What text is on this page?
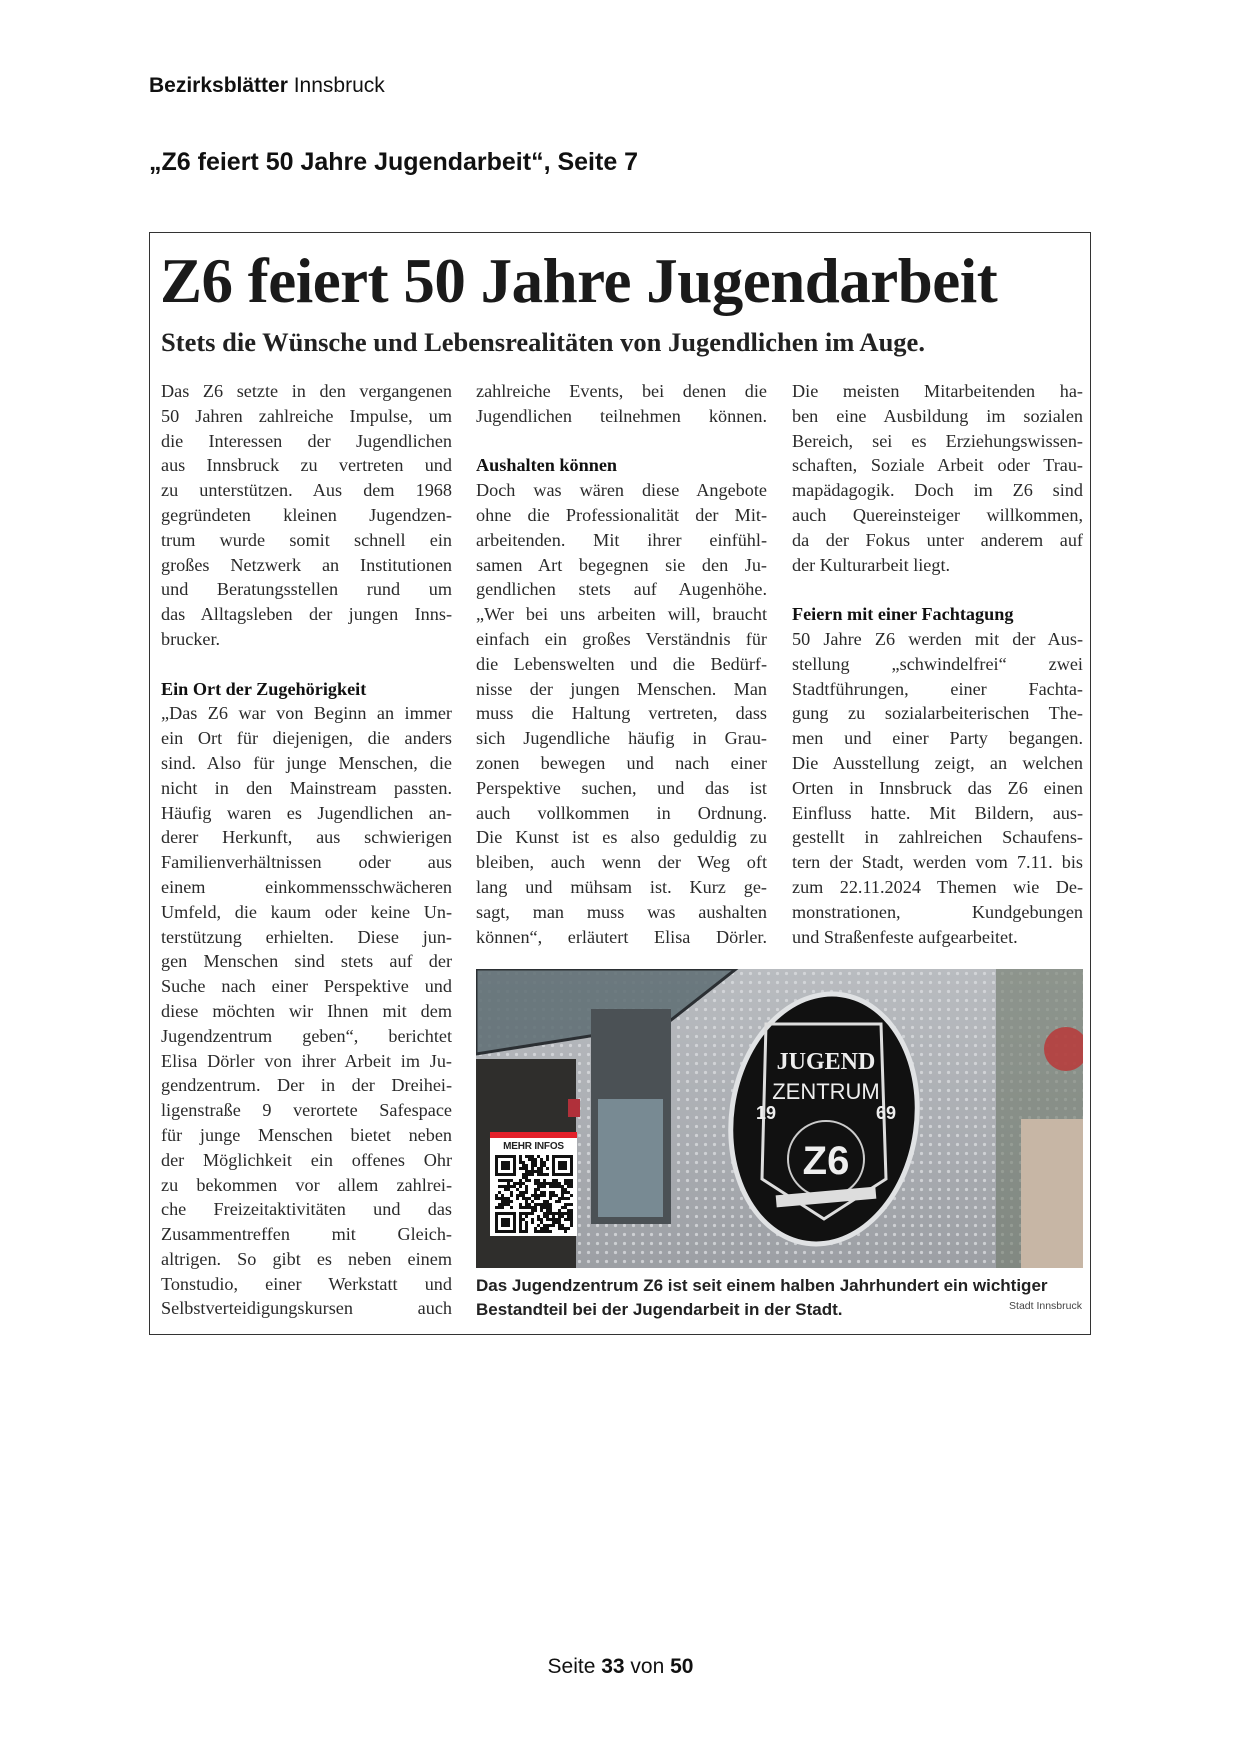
Bezirksblätter Innsbruck
„Z6 feiert 50 Jahre Jugendarbeit“, Seite 7
Z6 feiert 50 Jahre Jugendarbeit
Stets die Wünsche und Lebensrealitäten von Jugendlichen im Auge.
Das Z6 setzte in den vergangenen
50 Jahren zahlreiche Impulse, um
die Interessen der Jugendlichen
aus Innsbruck zu vertreten und
zu unterstützen. Aus dem 1968
gegründeten kleinen Jugendzen-
trum wurde somit schnell ein
großes Netzwerk an Institutionen
und Beratungsstellen rund um
das Alltagsleben der jungen Inns-
brucker.
Ein Ort der Zugehörigkeit
„Das Z6 war von Beginn an immer
ein Ort für diejenigen, die anders
sind. Also für junge Menschen, die
nicht in den Mainstream passten.
Häufig waren es Jugendlichen an-
derer Herkunft, aus schwierigen
Familienverhältnissen oder aus
einem einkommensschwächeren
Umfeld, die kaum oder keine Un-
terstützung erhielten. Diese jun-
gen Menschen sind stets auf der
Suche nach einer Perspektive und
diese möchten wir Ihnen mit dem
Jugendzentrum geben“, berichtet
Elisa Dörler von ihrer Arbeit im Ju-
gendzentrum. Der in der Dreihei-
ligenstraße 9 verortete Safespace
für junge Menschen bietet neben
der Möglichkeit ein offenes Ohr
zu bekommen vor allem zahlrei-
che Freizeitaktivitäten und das
Zusammentreffen mit Gleich-
altrigen. So gibt es neben einem
Tonstudio, einer Werkstatt und
Selbstverteidigungskursen auch
zahlreiche Events, bei denen die
Jugendlichen teilnehmen können.
Aushalten können
Doch was wären diese Angebote
ohne die Professionalität der Mit-
arbeitenden. Mit ihrer einfühl-
samen Art begegnen sie den Ju-
gendlichen stets auf Augenhöhe.
„Wer bei uns arbeiten will, braucht
einfach ein großes Verständnis für
die Lebenswelten und die Bedürf-
nisse der jungen Menschen. Man
muss die Haltung vertreten, dass
sich Jugendliche häufig in Grau-
zonen bewegen und nach einer
Perspektive suchen, und das ist
auch vollkommen in Ordnung.
Die Kunst ist es also geduldig zu
bleiben, auch wenn der Weg oft
lang und mühsam ist. Kurz ge-
sagt, man muss was aushalten
können“, erläutert Elisa Dörler.
Die meisten Mitarbeitenden ha-
ben eine Ausbildung im sozialen
Bereich, sei es Erziehungswissen-
schaften, Soziale Arbeit oder Trau-
mapädagogik. Doch im Z6 sind
auch Quereinsteiger willkommen,
da der Fokus unter anderem auf
der Kulturarbeit liegt.
Feiern mit einer Fachtagung
50 Jahre Z6 werden mit der Aus-
stellung „schwindelfrei“ zwei
Stadtführungen, einer Fachta-
gung zu sozialarbeiterischen The-
men und einer Party begangen.
Die Ausstellung zeigt, an welchen
Orten in Innsbruck das Z6 einen
Einfluss hatte. Mit Bildern, aus-
gestellt in zahlreichen Schaufens-
tern der Stadt, werden vom 7.11. bis
zum 22.11.2024 Themen wie De-
monstrationen, Kundgebungen
und Straßenfeste aufgearbeitet.
JUGEND
ZENTRUM
19	69
Z6
MEHR INFOS
Das Jugendzentrum Z6 ist seit einem halben Jahrhundert ein wichtiger Bestandteil bei der Jugendarbeit in der Stadt.	Stadt Innsbruck
Seite 33 von 50
